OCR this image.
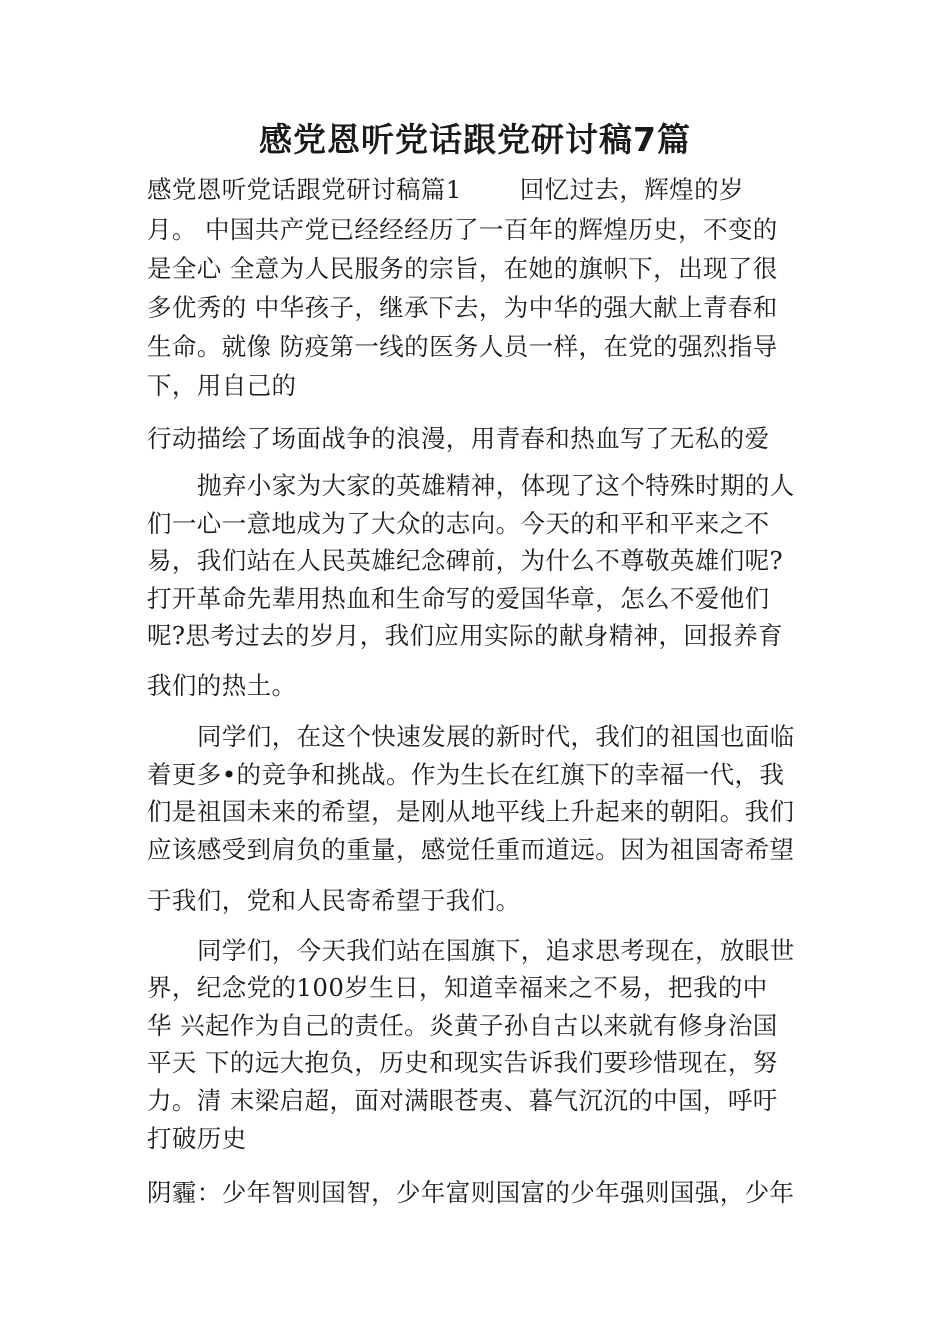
感党恩听党话跟党研讨稿7篇
感党恩听党话跟党研讨稿篇1　　 回忆过去，辉煌的岁
月。 中国共产党已经经经历了一百年的辉煌历史，不变的
是全心 全意为人民服务的宗旨，在她的旗帜下，出现了很
多优秀的 中华孩子，继承下去，为中华的强大献上青春和
生命。就像 防疫第一线的医务人员一样，在党的强烈指导
下，用自己的
行动描绘了场面战争的浪漫，用青春和热血写了无私的爱
抛弃小家为大家的英雄精神，体现了这个特殊时期的人
们一心一意地成为了大众的志向。今天的和平和平来之不
易，我们站在人民英雄纪念碑前，为什么不尊敬英雄们呢?
打开革命先辈用热血和生命写的爱国华章，怎么不爱他们
呢?思考过去的岁月，我们应用实际的献身精神，回报养育
我们的热土。
同学们，在这个快速发展的新时代，我们的祖国也面临
着更多•的竞争和挑战。作为生长在红旗下的幸福一代，我
们是祖国未来的希望，是刚从地平线上升起来的朝阳。我们
应该感受到肩负的重量，感觉任重而道远。因为祖国寄希望
于我们，党和人民寄希望于我们。
同学们，今天我们站在国旗下，追求思考现在，放眼世
界，纪念党的100岁生日，知道幸福来之不易，把我的中
华 兴起作为自己的责任。炎黄子孙自古以来就有修身治国
平天 下的远大抱负，历史和现实告诉我们要珍惜现在，努
力。清 末梁启超，面对满眼苍夷、暮气沉沉的中国，呼吁
打破历史
阴霾：少年智则国智，少年富则国富的少年强则国强，少年
